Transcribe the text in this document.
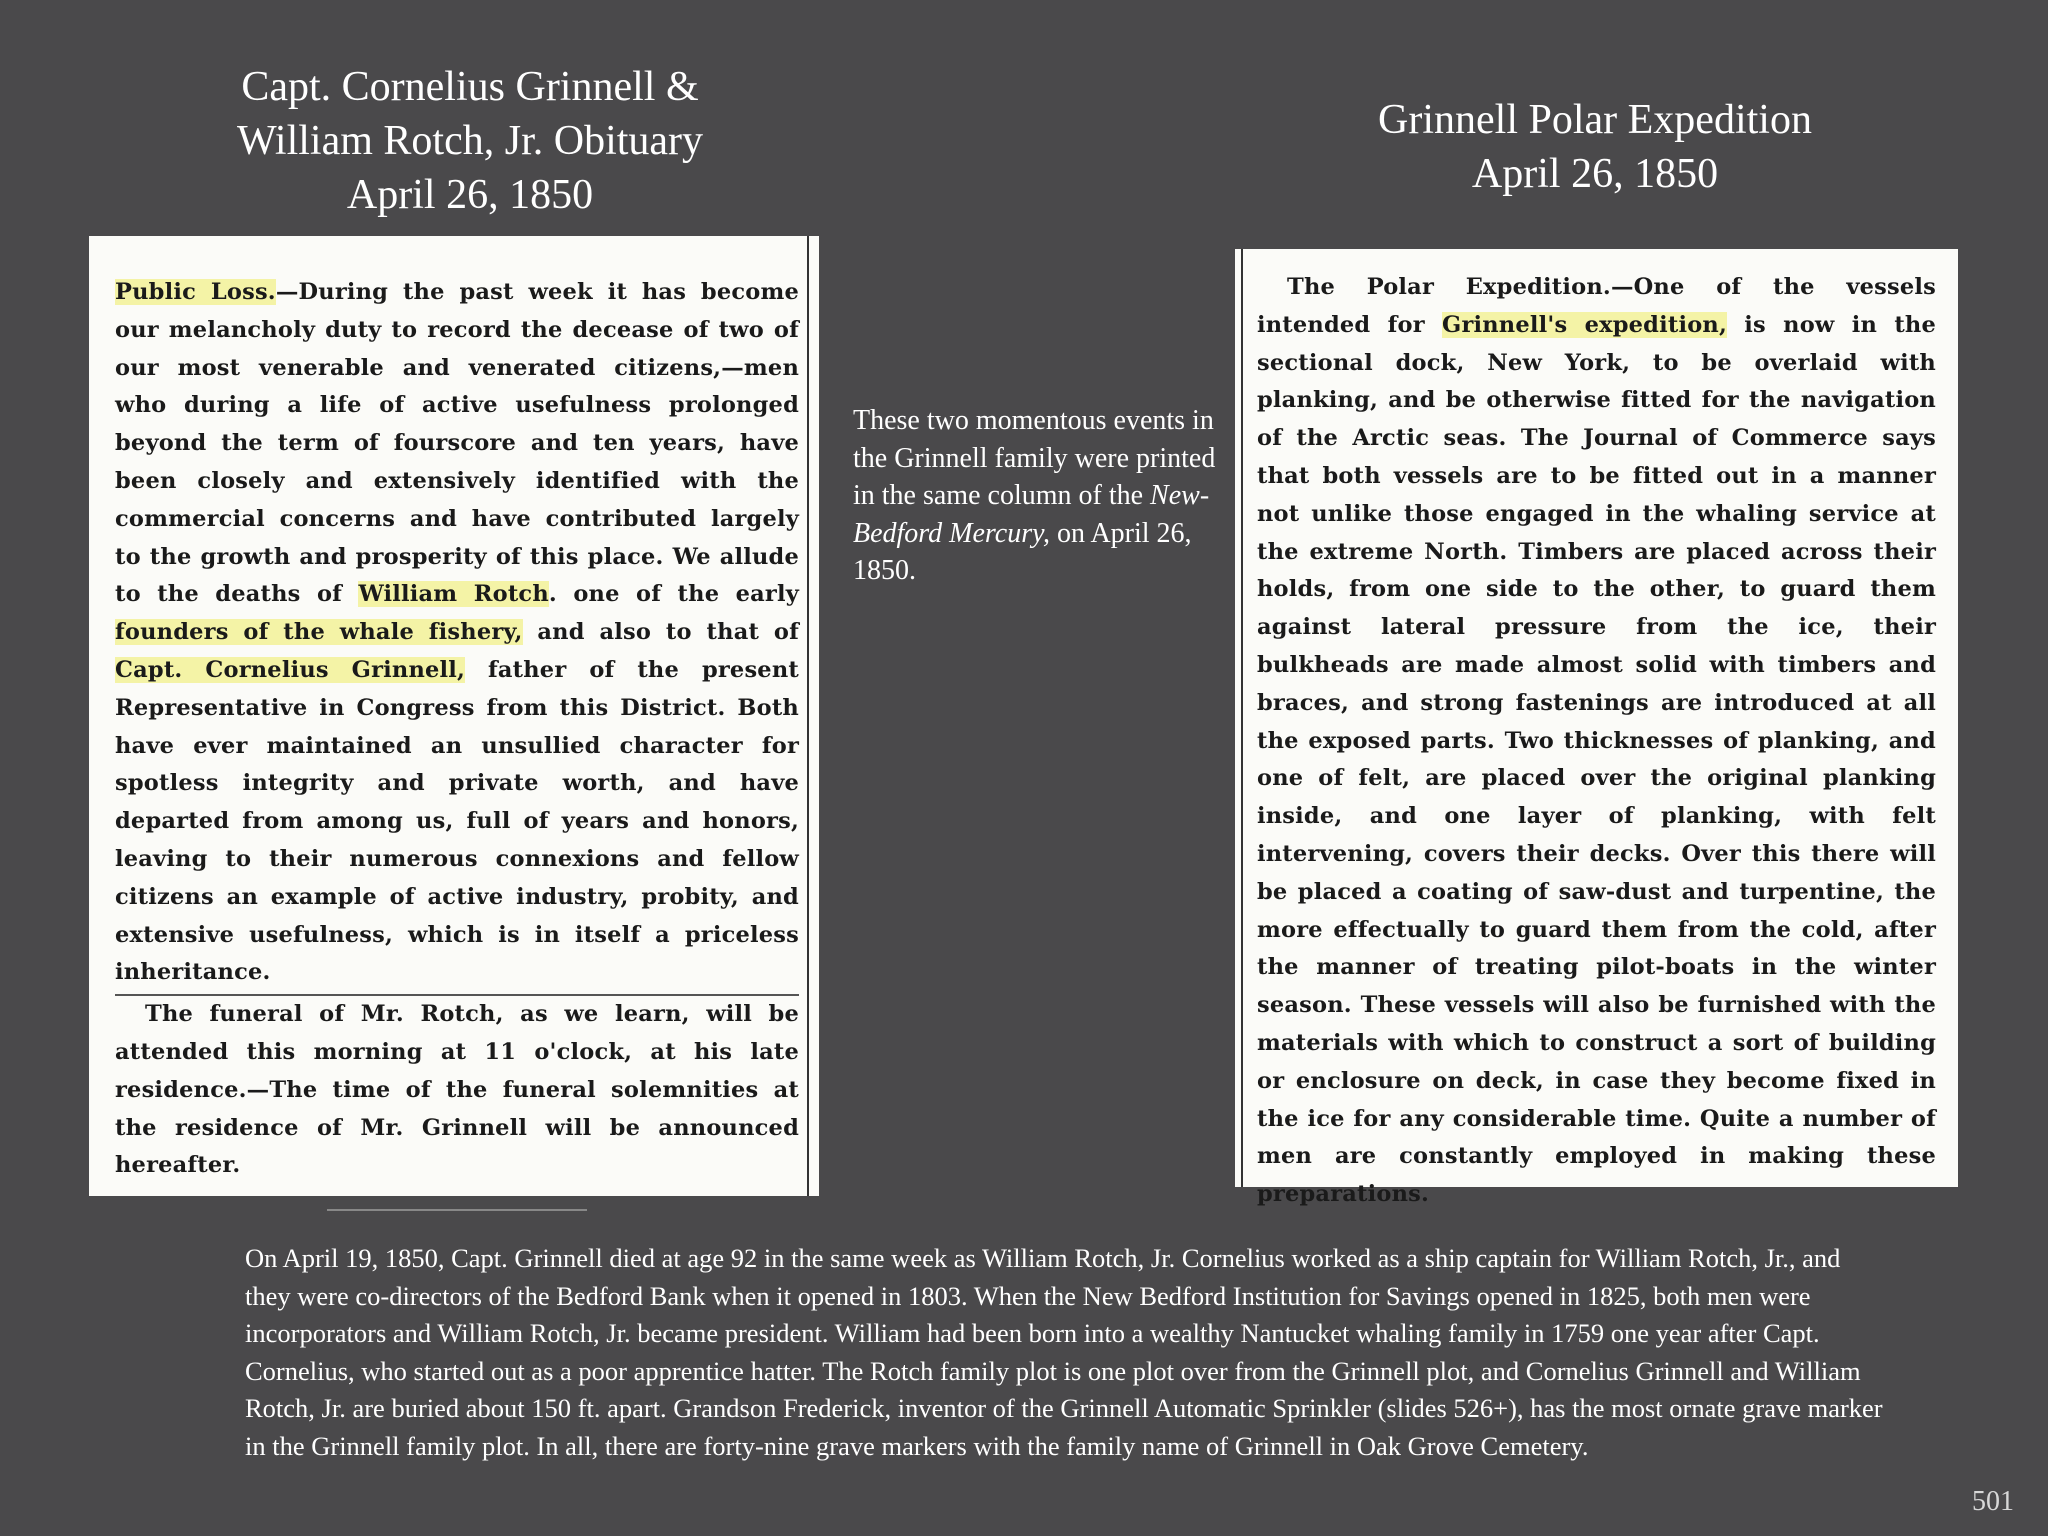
Capt. Cornelius Grinnell &
William Rotch, Jr. Obituary
April 26, 1850
Grinnell Polar Expedition
April 26, 1850

Public Loss.—During the past week it has become our melancholy duty to record the decease of two of our most venerable and venerated citizens,—men who during a life of active usefulness prolonged beyond the term of fourscore and ten years, have been closely and extensively identified with the commercial concerns and have contributed largely to the growth and prosperity of this place. We allude to the deaths of William Rotch. one of the early founders of the whale fishery, and also to that of Capt. Cornelius Grinnell, father of the present Representative in Congress from this District. Both have ever maintained an unsullied character for spotless integrity and private worth, and have departed from among us, full of years and honors, leaving to their numerous connexions and fellow citizens an example of active industry, probity, and extensive usefulness, which is in itself a priceless inheritance.

The funeral of Mr. Rotch, as we learn, will be attended this morning at 11 o'clock, at his late residence.—The time of the funeral solemnities at the residence of Mr. Grinnell will be announced hereafter.

The Polar Expedition.—One of the vessels intended for Grinnell's expedition, is now in the sectional dock, New York, to be overlaid with planking, and be otherwise fitted for the navigation of the Arctic seas. The Journal of Commerce says that both vessels are to be fitted out in a manner not unlike those engaged in the whaling service at the extreme North. Timbers are placed across their holds, from one side to the other, to guard them against lateral pressure from the ice, their bulkheads are made almost solid with timbers and braces, and strong fastenings are introduced at all the exposed parts. Two thicknesses of planking, and one of felt, are placed over the original planking inside, and one layer of planking, with felt intervening, covers their decks. Over this there will be placed a coating of saw-dust and turpentine, the more effectually to guard them from the cold, after the manner of treating pilot-boats in the winter season. These vessels will also be furnished with the materials with which to construct a sort of building or enclosure on deck, in case they become fixed in the ice for any considerable time. Quite a number of men are constantly employed in making these preparations.

These two momentous events in the Grinnell family were printed in the same column of the New-Bedford Mercury, on April 26, 1850.

On April 19, 1850, Capt. Grinnell died at age 92 in the same week as William Rotch, Jr. Cornelius worked as a ship captain for William Rotch, Jr., and they were co-directors of the Bedford Bank when it opened in 1803. When the New Bedford Institution for Savings opened in 1825, both men were incorporators and William Rotch, Jr. became president. William had been born into a wealthy Nantucket whaling family in 1759 one year after Capt. Cornelius, who started out as a poor apprentice hatter. The Rotch family plot is one plot over from the Grinnell plot, and Cornelius Grinnell and William Rotch, Jr. are buried about 150 ft. apart. Grandson Frederick, inventor of the Grinnell Automatic Sprinkler (slides 526+), has the most ornate grave marker in the Grinnell family plot. In all, there are forty-nine grave markers with the family name of Grinnell in Oak Grove Cemetery.

501
